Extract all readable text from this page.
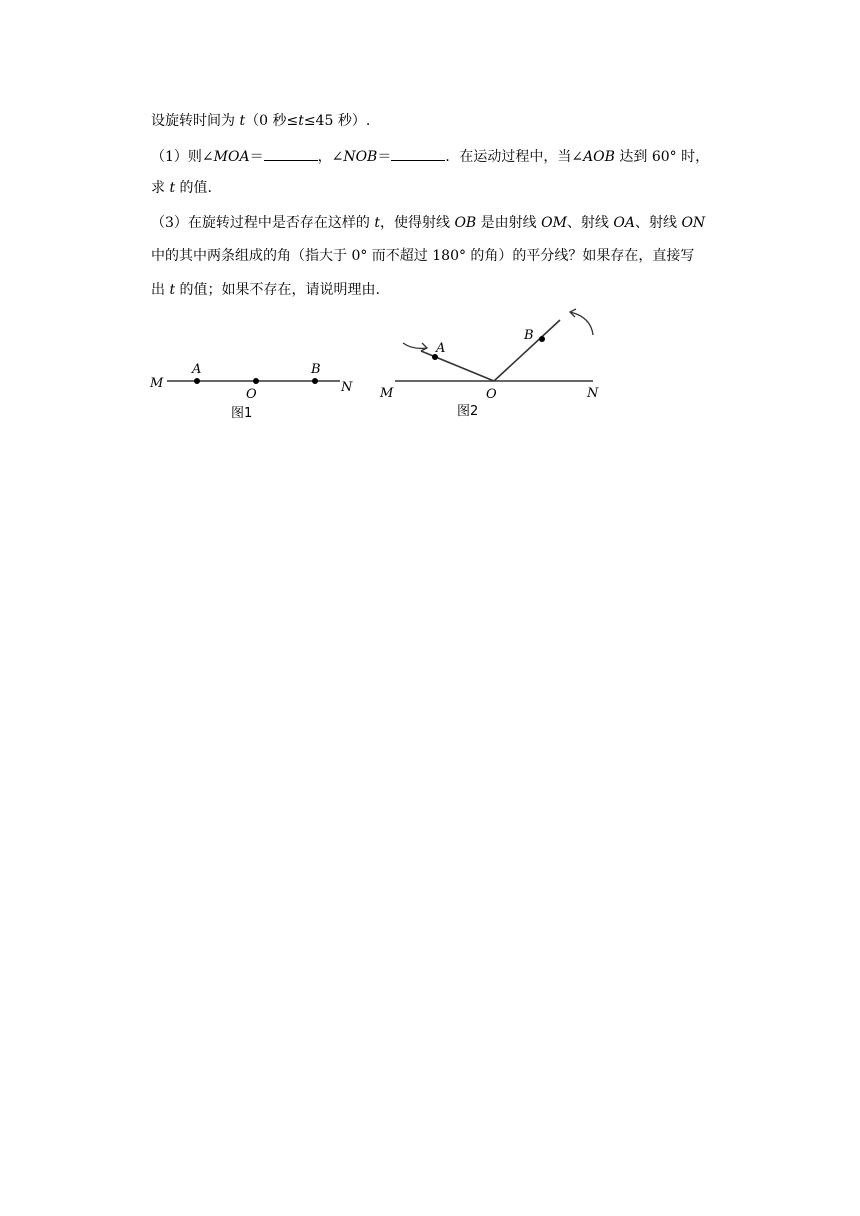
设旋转时间为 t（0 秒≤t≤45 秒）.
（1）则∠MOA＝	，∠NOB＝	．在运动过程中，当∠AOB 达到 60° 时，
求 t 的值.
（3）在旋转过程中是否存在这样的 t，使得射线 OB 是由射线 OM、射线 OA、射线 ON
中的其中两条组成的角（指大于 0° 而不超过 180° 的角）的平分线？如果存在，直接写
出 t 的值；如果不存在，请说明理由.
M
A
O
B
N
图1
M
A
O
B
N
图2
